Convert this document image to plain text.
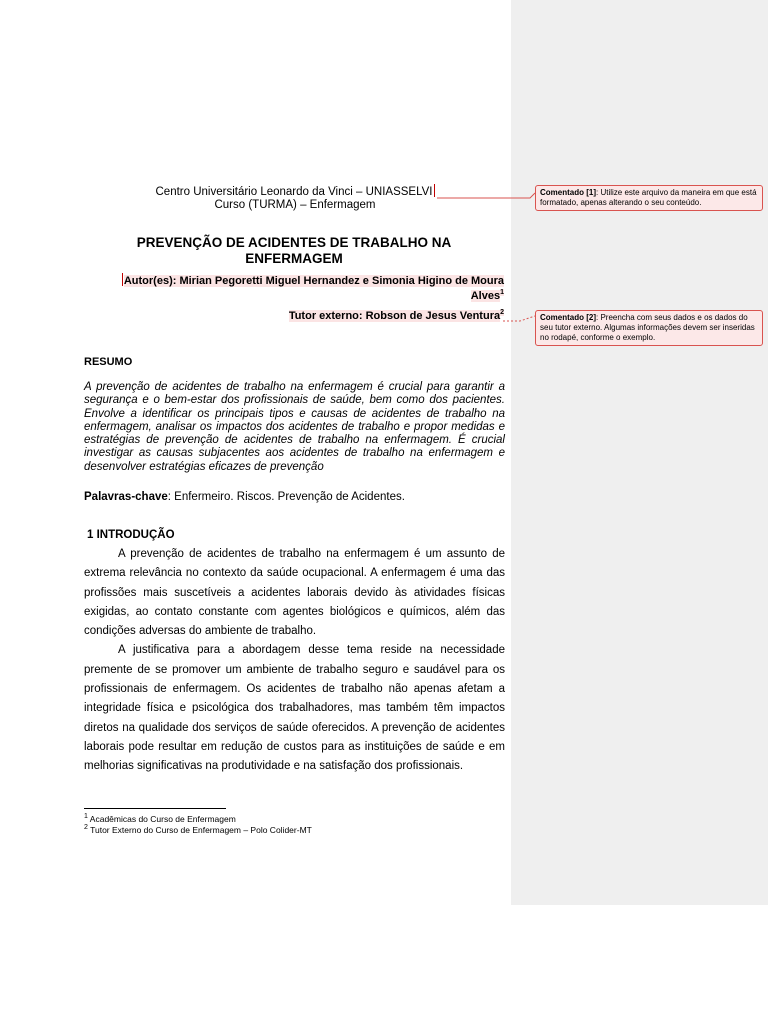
Centro Universitário Leonardo da Vinci – UNIASSELVI
Curso (TURMA) – Enfermagem
PREVENÇÃO DE ACIDENTES DE TRABALHO NA
ENFERMAGEM
Autor(es): Mirian Pegoretti Miguel Hernandez e Simonia Higino de Moura
Alves$^1$
Tutor externo: Robson de Jesus Ventura$^2$
RESUMO
A prevenção de acidentes de trabalho na enfermagem é crucial para garantir a segurança e o bem-estar dos profissionais de saúde, bem como dos pacientes. Envolve a identificar os principais tipos e causas de acidentes de trabalho na enfermagem, analisar os impactos dos acidentes de trabalho e propor medidas e estratégias de prevenção de acidentes de trabalho na enfermagem. É crucial investigar as causas subjacentes aos acidentes de trabalho na enfermagem e desenvolver estratégias eficazes de prevenção
Palavras-chave: Enfermeiro. Riscos. Prevenção de Acidentes.
1 INTRODUÇÃO

A prevenção de acidentes de trabalho na enfermagem é um assunto de extrema relevância no contexto da saúde ocupacional. A enfermagem é uma das profissões mais suscetíveis a acidentes laborais devido às atividades físicas exigidas, ao contato constante com agentes biológicos e químicos, além das condições adversas do ambiente de trabalho.

A justificativa para a abordagem desse tema reside na necessidade premente de se promover um ambiente de trabalho seguro e saudável para os profissionais de enfermagem. Os acidentes de trabalho não apenas afetam a integridade física e psicológica dos trabalhadores, mas também têm impactos diretos na qualidade dos serviços de saúde oferecidos. A prevenção de acidentes laborais pode resultar em redução de custos para as instituições de saúde e em melhorias significativas na produtividade e na satisfação dos profissionais.

$^1$ Acadêmicas do Curso de Enfermagem
$^2$ Tutor Externo do Curso de Enfermagem – Polo Colider-MT
Comentado [1]: Utilize este arquivo da maneira em que está formatado, apenas alterando o seu conteúdo.
Comentado [2]: Preencha com seus dados e os dados do seu tutor externo. Algumas informações devem ser inseridas no rodapé, conforme o exemplo.
